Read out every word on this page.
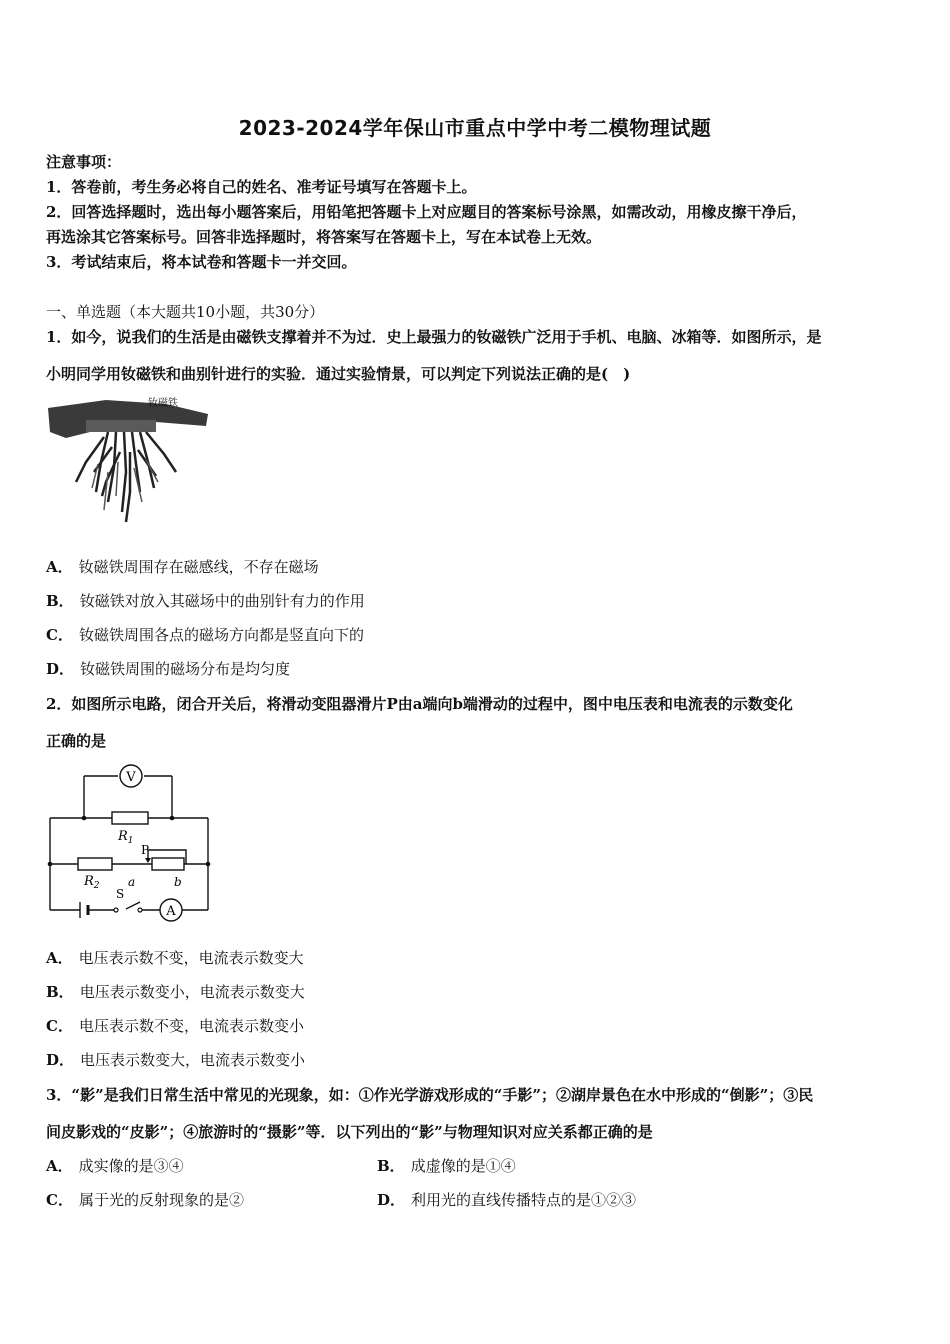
2023-2024学年保山市重点中学中考二模物理试题
注意事项：
1．答卷前，考生务必将自己的姓名、准考证号填写在答题卡上。
2．回答选择题时，选出每小题答案后，用铅笔把答题卡上对应题目的答案标号涂黑，如需改动，用橡皮擦干净后，
再选涂其它答案标号。回答非选择题时，将答案写在答题卡上，写在本试卷上无效。
3．考试结束后，将本试卷和答题卡一并交回。
一、单选题（本大题共10小题，共30分）
1．如今，说我们的生活是由磁铁支撑着并不为过．史上最强力的钕磁铁广泛用于手机、电脑、冰箱等．如图所示，是
小明同学用钕磁铁和曲别针进行的实验．通过实验情景，可以判定下列说法正确的是(　)
钕磁铁
A． 钕磁铁周围存在磁感线，不存在磁场
B． 钕磁铁对放入其磁场中的曲别针有力的作用
C． 钕磁铁周围各点的磁场方向都是竖直向下的
D． 钕磁铁周围的磁场分布是均匀度
2．如图所示电路，闭合开关后，将滑动变阻器滑片P由a端向b端滑动的过程中，图中电压表和电流表的示数变化
正确的是
V
A
$R_1$
$R_2$
P
a	b
S
A． 电压表示数不变，电流表示数变大
B． 电压表示数变小，电流表示数变大
C． 电压表示数不变，电流表示数变小
D． 电压表示数变大，电流表示数变小
3．“影”是我们日常生活中常见的光现象，如：①作光学游戏形成的“手影”；②湖岸景色在水中形成的“倒影”；③民
间皮影戏的“皮影”；④旅游时的“摄影”等．以下列出的“影”与物理知识对应关系都正确的是
A． 成实像的是③④	B． 成虚像的是①④
C． 属于光的反射现象的是②	D． 利用光的直线传播特点的是①②③
